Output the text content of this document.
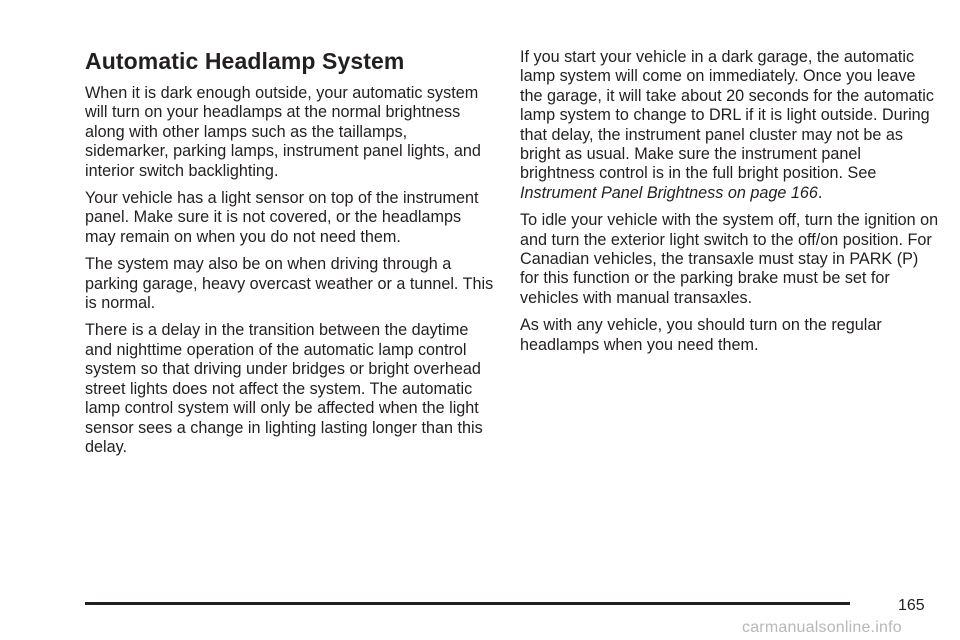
Automatic Headlamp System

When it is dark enough outside, your automatic system will turn on your headlamps at the normal brightness along with other lamps such as the taillamps, sidemarker, parking lamps, instrument panel lights, and interior switch backlighting.

Your vehicle has a light sensor on top of the instrument panel. Make sure it is not covered, or the headlamps may remain on when you do not need them.

The system may also be on when driving through a parking garage, heavy overcast weather or a tunnel. This is normal.

There is a delay in the transition between the daytime and nighttime operation of the automatic lamp control system so that driving under bridges or bright overhead street lights does not affect the system. The automatic lamp control system will only be affected when the light sensor sees a change in lighting lasting longer than this delay.

If you start your vehicle in a dark garage, the automatic lamp system will come on immediately. Once you leave the garage, it will take about 20 seconds for the automatic lamp system to change to DRL if it is light outside. During that delay, the instrument panel cluster may not be as bright as usual. Make sure the instrument panel brightness control is in the full bright position. See Instrument Panel Brightness on page 166.

To idle your vehicle with the system off, turn the ignition on and turn the exterior light switch to the off/on position. For Canadian vehicles, the transaxle must stay in PARK (P) for this function or the parking brake must be set for vehicles with manual transaxles.

As with any vehicle, you should turn on the regular headlamps when you need them.

165
carmanualsonline.info
